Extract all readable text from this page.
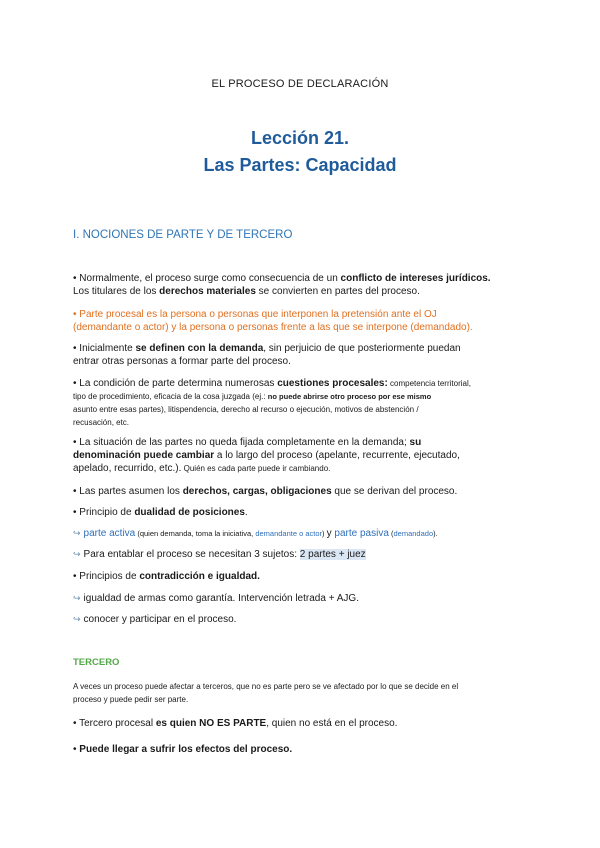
EL PROCESO DE DECLARACIÓN
Lección 21.
Las Partes: Capacidad
I. NOCIONES DE PARTE Y DE TERCERO
• Normalmente, el proceso surge como consecuencia de un conflicto de intereses jurídicos.
Los titulares de los derechos materiales se convierten en partes del proceso.
• Parte procesal es la persona o personas que interponen la pretensión ante el OJ
(demandante o actor) y la persona o personas frente a las que se interpone (demandado).
• Inicialmente se definen con la demanda, sin perjuicio de que posteriormente puedan
entrar otras personas a formar parte del proceso.
• La condición de parte determina numerosas cuestiones procesales: competencia territorial,
tipo de procedimiento, eficacia de la cosa juzgada (ej.: no puede abrirse otro proceso por ese mismo
asunto entre esas partes), litispendencia, derecho al recurso o ejecución, motivos de abstención /
recusación, etc.
• La situación de las partes no queda fijada completamente en la demanda; su
denominación puede cambiar a lo largo del proceso (apelante, recurrente, ejecutado,
apelado, recurrido, etc.). Quién es cada parte puede ir cambiando.
• Las partes asumen los derechos, cargas, obligaciones que se derivan del proceso.
• Principio de dualidad de posiciones.
↪ parte activa (quien demanda, toma la iniciativa, demandante o actor) y parte pasiva (demandado).
↪ Para entablar el proceso se necesitan 3 sujetos: 2 partes + juez
• Principios de contradicción e igualdad.
↪ igualdad de armas como garantía. Intervención letrada + AJG.
↪ conocer y participar en el proceso.
TERCERO
A veces un proceso puede afectar a terceros, que no es parte pero se ve afectado por lo que se decide en el
proceso y puede pedir ser parte.
• Tercero procesal es quien NO ES PARTE, quien no está en el proceso.
• Puede llegar a sufrir los efectos del proceso.
